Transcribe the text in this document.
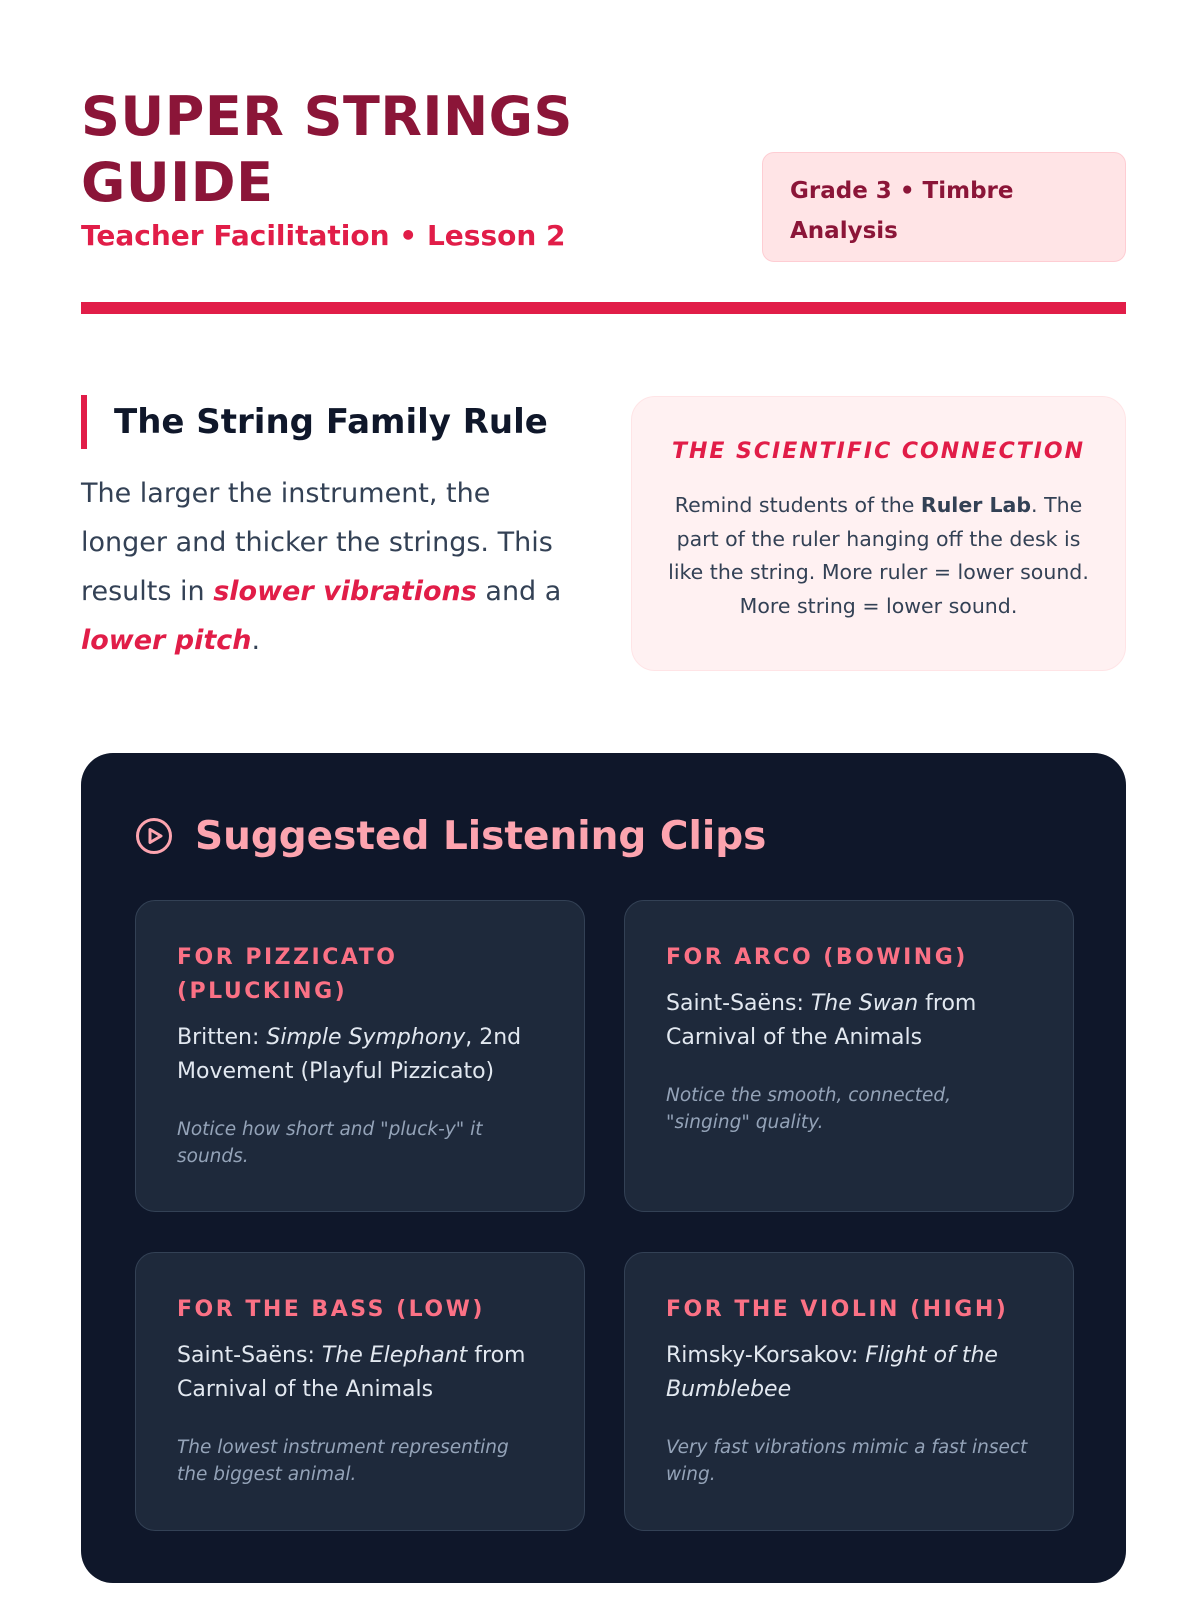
SUPER STRINGS GUIDE
Teacher Facilitation • Lesson 2
Grade 3 • Timbre Analysis
The String Family Rule

The larger the instrument, the longer and thicker the strings. This results in slower vibrations and a lower pitch.

THE SCIENTIFIC CONNECTION

Remind students of the Ruler Lab. The part of the ruler hanging off the desk is like the string. More ruler = lower sound. More string = lower sound.

Suggested Listening Clips
FOR PIZZICATO (PLUCKING)
Britten: Simple Symphony, 2nd Movement (Playful Pizzicato)
Notice how short and "pluck-y" it sounds.
FOR ARCO (BOWING)
Saint-Saëns: The Swan from Carnival of the Animals
Notice the smooth, connected, "singing" quality.
FOR THE BASS (LOW)
Saint-Saëns: The Elephant from Carnival of the Animals
The lowest instrument representing the biggest animal.
FOR THE VIOLIN (HIGH)
Rimsky-Korsakov: Flight of the Bumblebee
Very fast vibrations mimic a fast insect wing.
